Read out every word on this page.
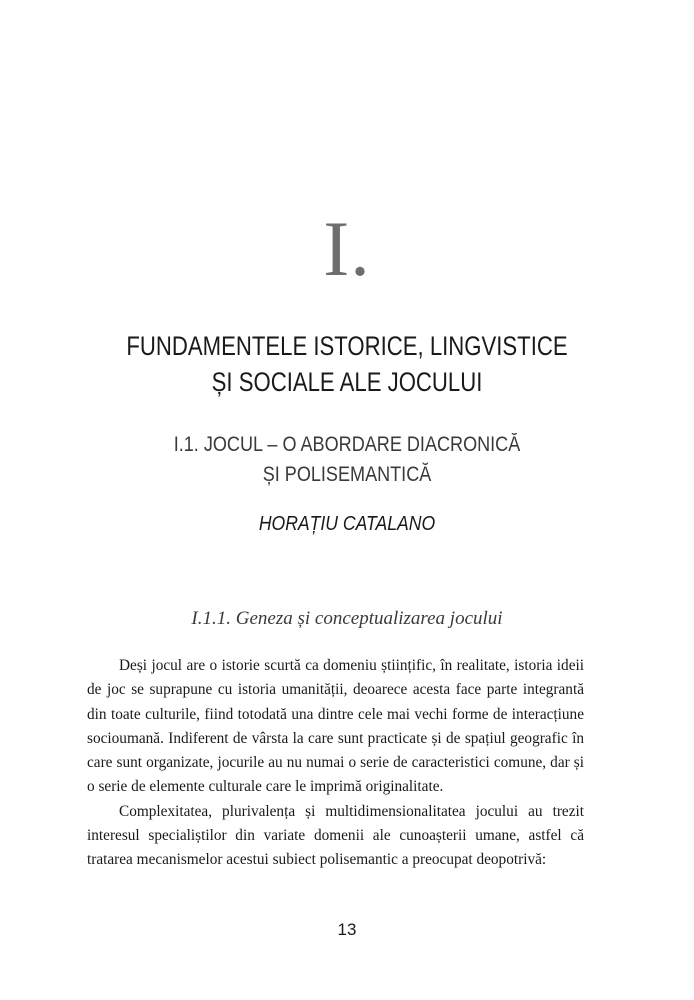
I.
FUNDAMENTELE ISTORICE, LINGVISTICE
ȘI SOCIALE ALE JOCULUI
I.1. JOCUL – O ABORDARE DIACRONICĂ
ȘI POLISEMANTICĂ
HORAȚIU CATALANO
I.1.1. Geneza și conceptualizarea jocului

Deși jocul are o istorie scurtă ca domeniu științific, în realitate, istoria ideii de joc se suprapune cu istoria umanității, deoarece acesta face parte integrantă din toate culturile, fiind totodată una dintre cele mai vechi forme de interacțiune socioumană. Indiferent de vârsta la care sunt practicate și de spațiul geografic în care sunt organizate, jocurile au nu numai o serie de caracteristici comune, dar și o serie de elemente culturale care le imprimă originalitate.

Complexitatea, plurivalența și multidimensionalitatea jocului au trezit interesul specialiștilor din variate domenii ale cunoașterii umane, astfel că tratarea mecanismelor acestui subiect polisemantic a preocupat deopotrivă:

13
